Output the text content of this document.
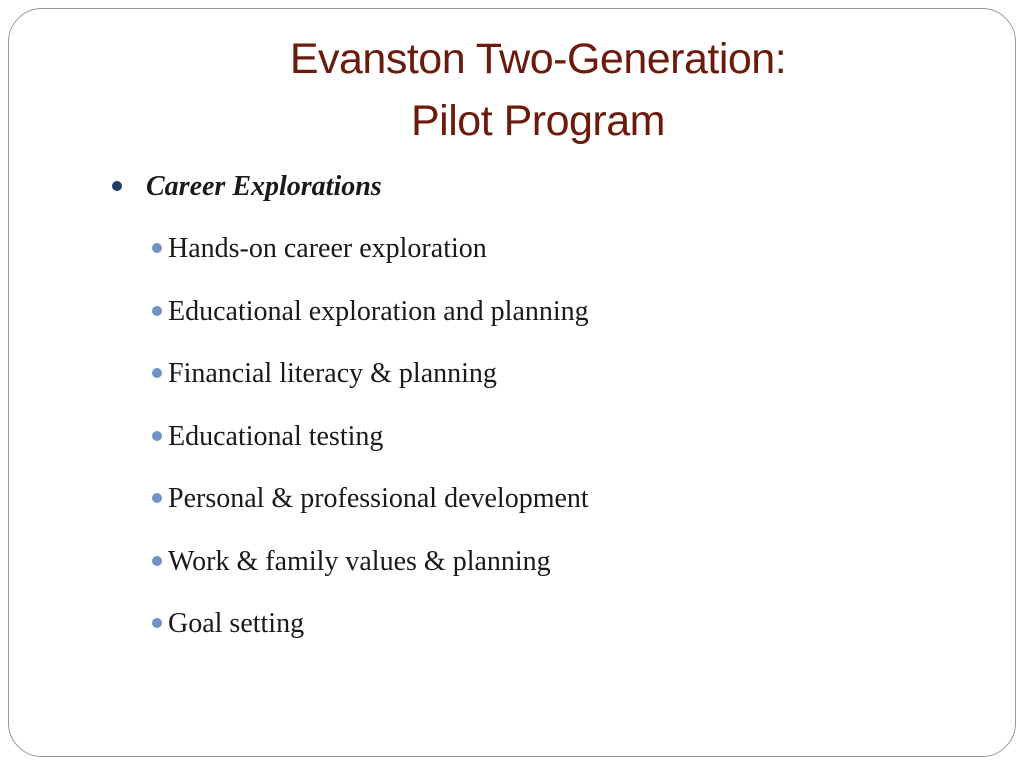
Evanston Two-Generation:
Pilot Program
Career Explorations
Hands-on career exploration
Educational exploration and planning
Financial literacy & planning
Educational testing
Personal & professional development
Work & family values & planning
Goal setting
